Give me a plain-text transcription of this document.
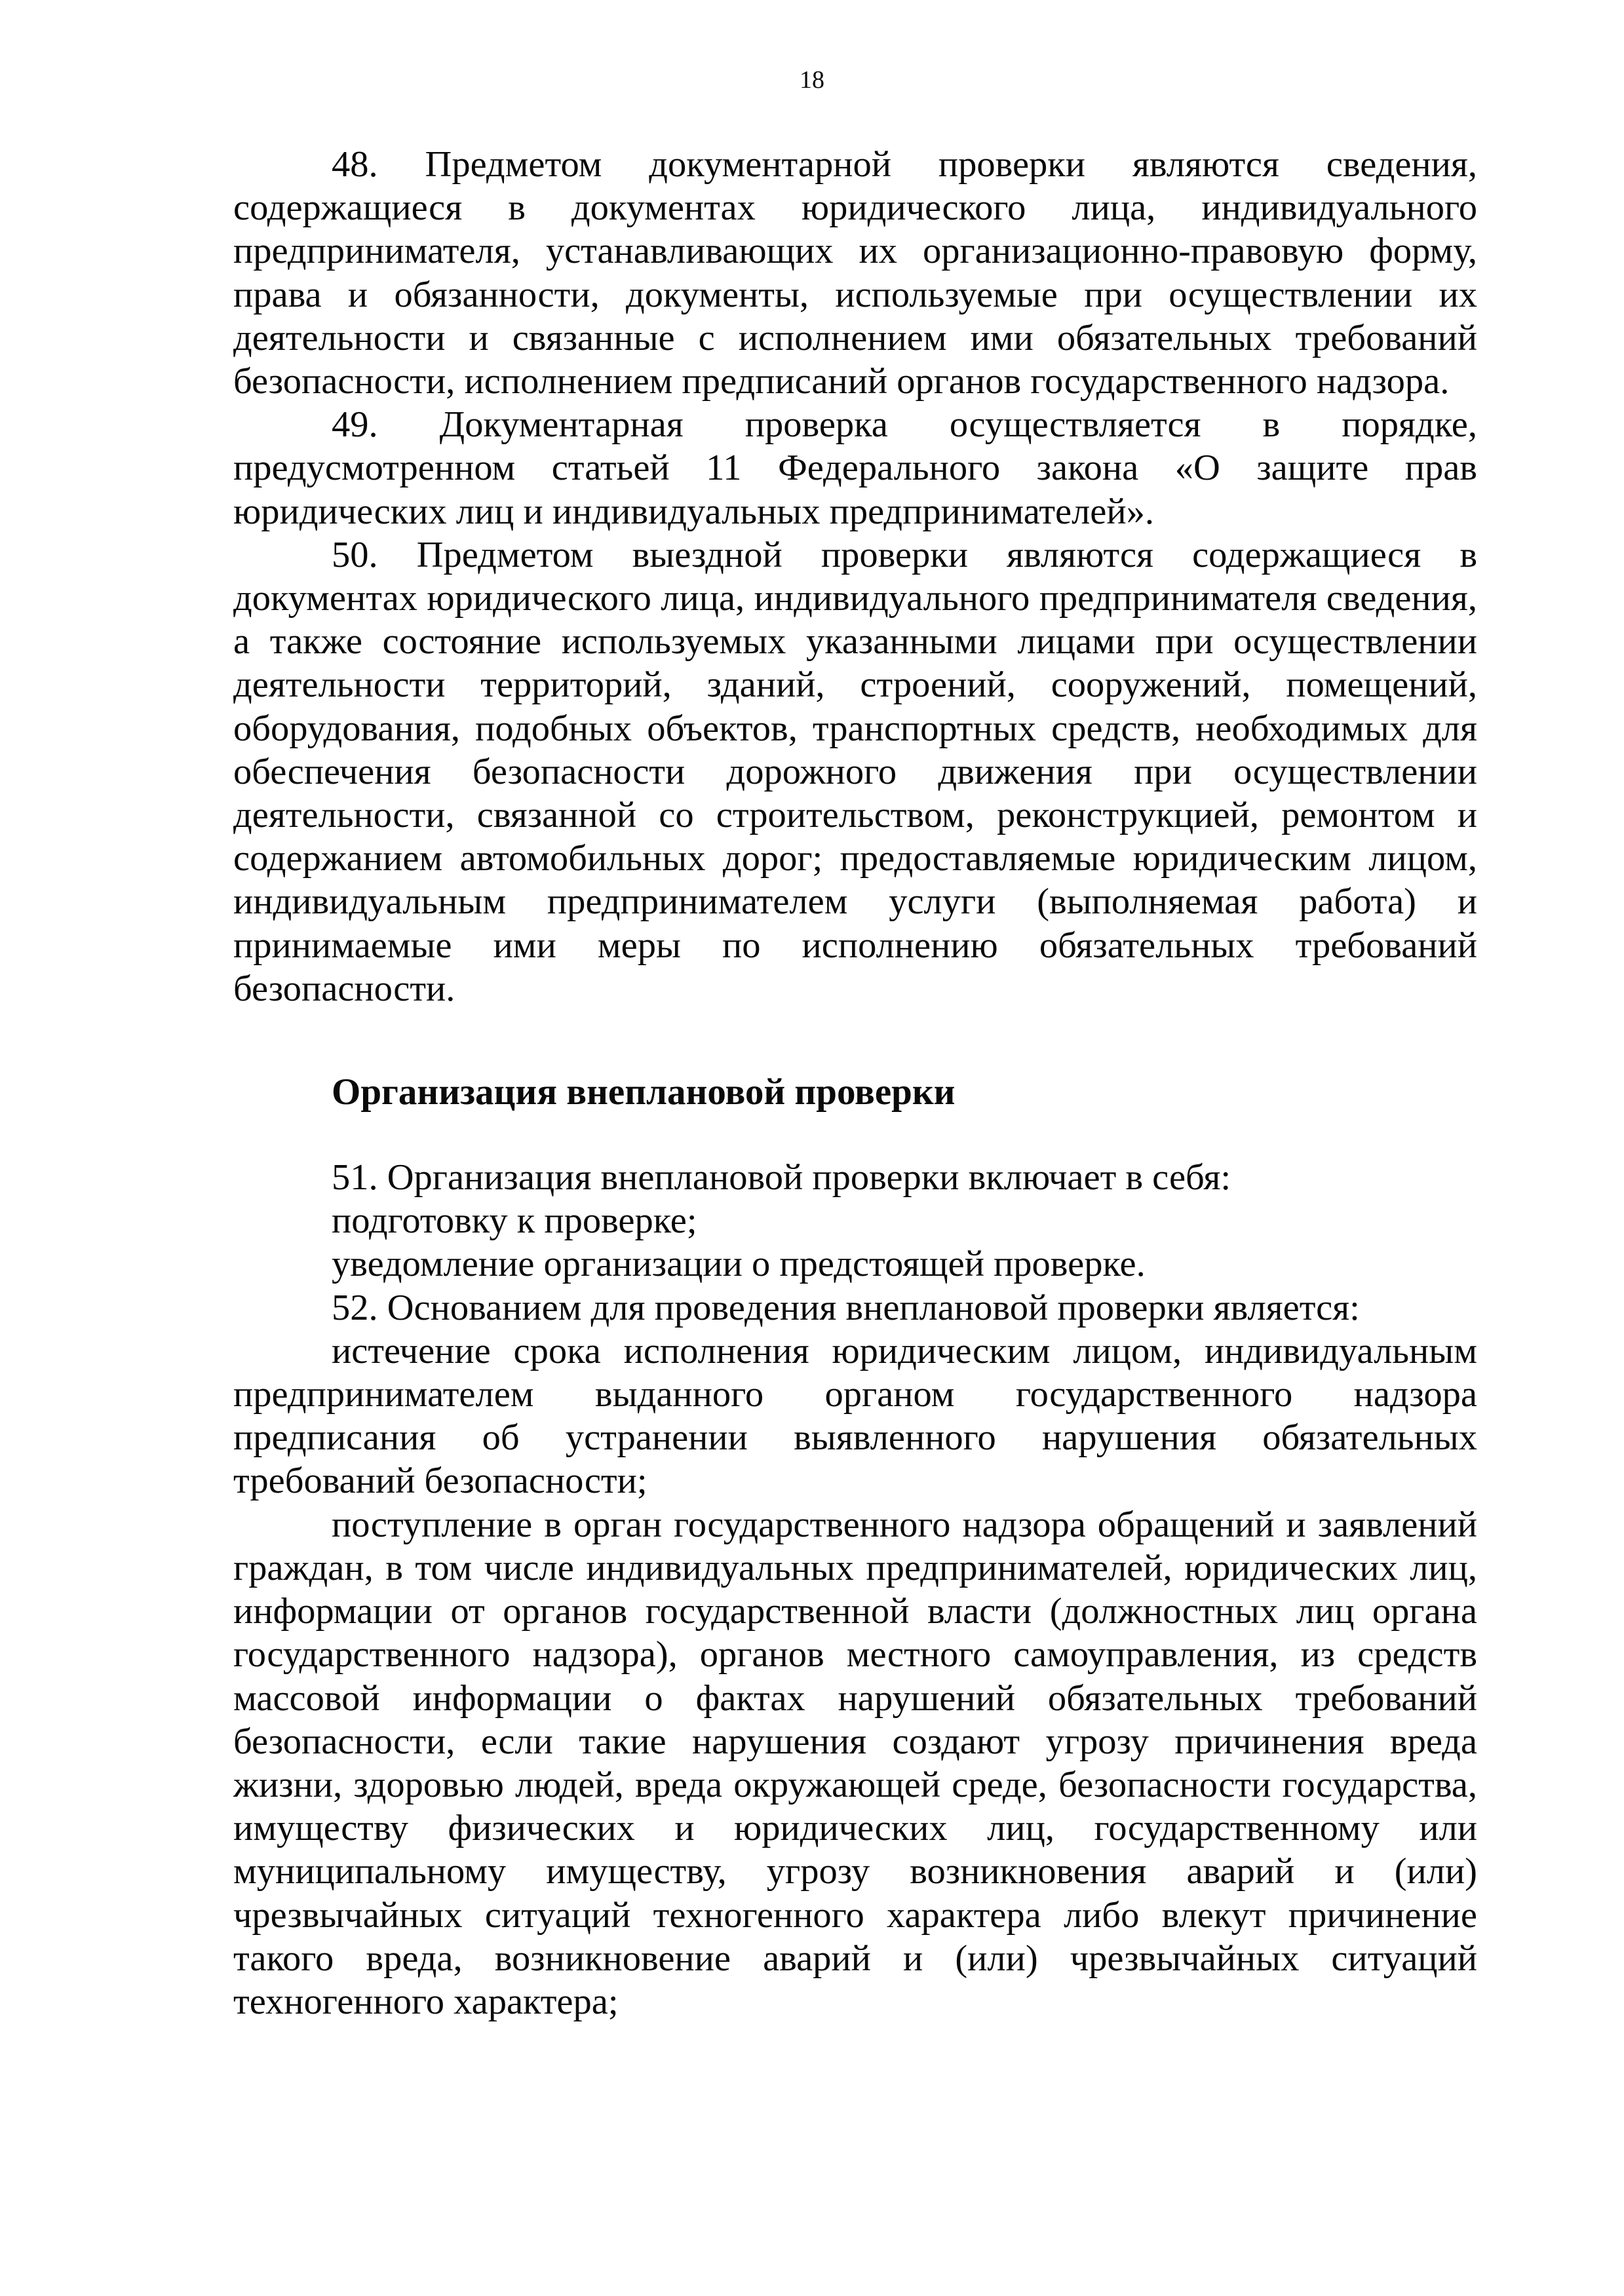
18

48. Предметом документарной проверки являются сведения, содержащиеся в документах юридического лица, индивидуального предпринимателя, устанавливающих их организационно-правовую форму, права и обязанности, документы, используемые при осуществлении их деятельности и связанные с исполнением ими обязательных требований безопасности, исполнением предписаний органов государственного надзора.

49. Документарная проверка осуществляется в порядке, предусмотренном статьей 11 Федерального закона «О защите прав юридических лиц и индивидуальных предпринимателей».

50. Предметом выездной проверки являются содержащиеся в документах юридического лица, индивидуального предпринимателя сведения, а также состояние используемых указанными лицами при осуществлении деятельности территорий, зданий, строений, сооружений, помещений, оборудования, подобных объектов, транспортных средств, необходимых для обеспечения безопасности дорожного движения при осуществлении деятельности, связанной со строительством, реконструкцией, ремонтом и содержанием автомобильных дорог; предоставляемые юридическим лицом, индивидуальным предпринимателем услуги (выполняемая работа) и принимаемые ими меры по исполнению обязательных требований безопасности.

Организация внеплановой проверки

51. Организация внеплановой проверки включает в себя:

подготовку к проверке;

уведомление организации о предстоящей проверке.

52. Основанием для проведения внеплановой проверки является:

истечение срока исполнения юридическим лицом, индивидуальным предпринимателем выданного органом государственного надзора предписания об устранении выявленного нарушения обязательных требований безопасности;

поступление в орган государственного надзора обращений и заявлений граждан, в том числе индивидуальных предпринимателей, юридических лиц, информации от органов государственной власти (должностных лиц органа государственного надзора), органов местного самоуправления, из средств массовой информации о фактах нарушений обязательных требований безопасности, если такие нарушения создают угрозу причинения вреда жизни, здоровью людей, вреда окружающей среде, безопасности государства, имуществу физических и юридических лиц, государственному или муниципальному имуществу, угрозу возникновения аварий и (или) чрезвычайных ситуаций техногенного характера либо влекут причинение такого вреда, возникновение аварий и (или) чрезвычайных ситуаций техногенного характера;
